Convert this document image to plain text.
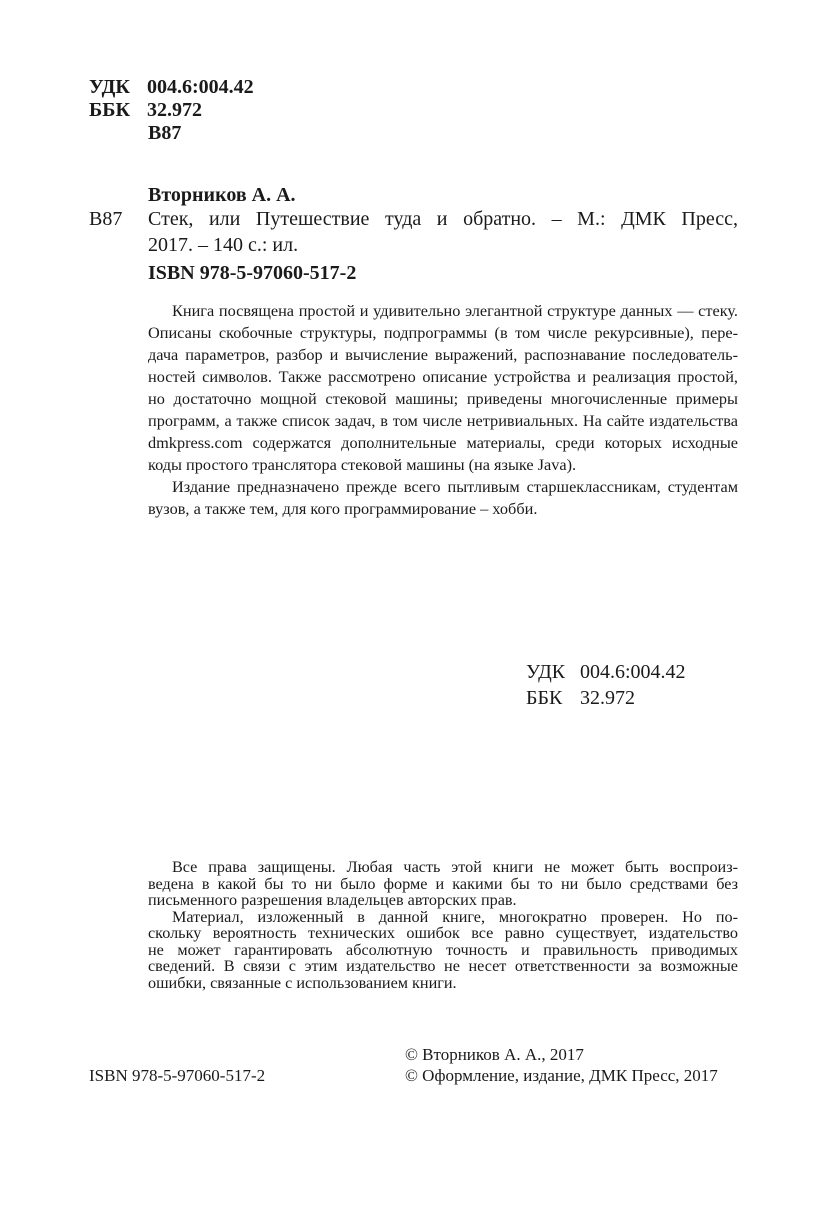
УДК 004.6:004.42
ББК 32.972
В87
Вторников А. А.
В87 Стек, или Путешествие туда и обратно. – М.: ДМК Пресс,
2017. – 140 с.: ил.
ISBN 978-5-97060-517-2
Книга посвящена простой и удивительно элегантной структуре данных — стеку.
Описаны скобочные структуры, подпрограммы (в том числе рекурсивные), пере-
дача параметров, разбор и вычисление выражений, распознавание последователь-
ностей символов. Также рассмотрено описание устройства и реализация простой,
но достаточно мощной стековой машины; приведены многочисленные примеры
программ, а также список задач, в том числе нетривиальных. На сайте издательства
dmkpress.com содержатся дополнительные материалы, среди которых исходные
коды простого транслятора стековой машины (на языке Java).
Издание предназначено прежде всего пытливым старшеклассникам, студентам
вузов, а также тем, для кого программирование – хобби.
УДК 004.6:004.42
ББК 32.972
Все права защищены. Любая часть этой книги не может быть воспроиз-
ведена в какой бы то ни было форме и какими бы то ни было средствами без
письменного разрешения владельцев авторских прав.
Материал, изложенный в данной книге, многократно проверен. Но по-
скольку вероятность технических ошибок все равно существует, издательство
не может гарантировать абсолютную точность и правильность приводимых
сведений. В связи с этим издательство не несет ответственности за возможные
ошибки, связанные с использованием книги.
ISBN 978-5-97060-517-2
© Вторников А. А., 2017
© Оформление, издание, ДМК Пресс, 2017
